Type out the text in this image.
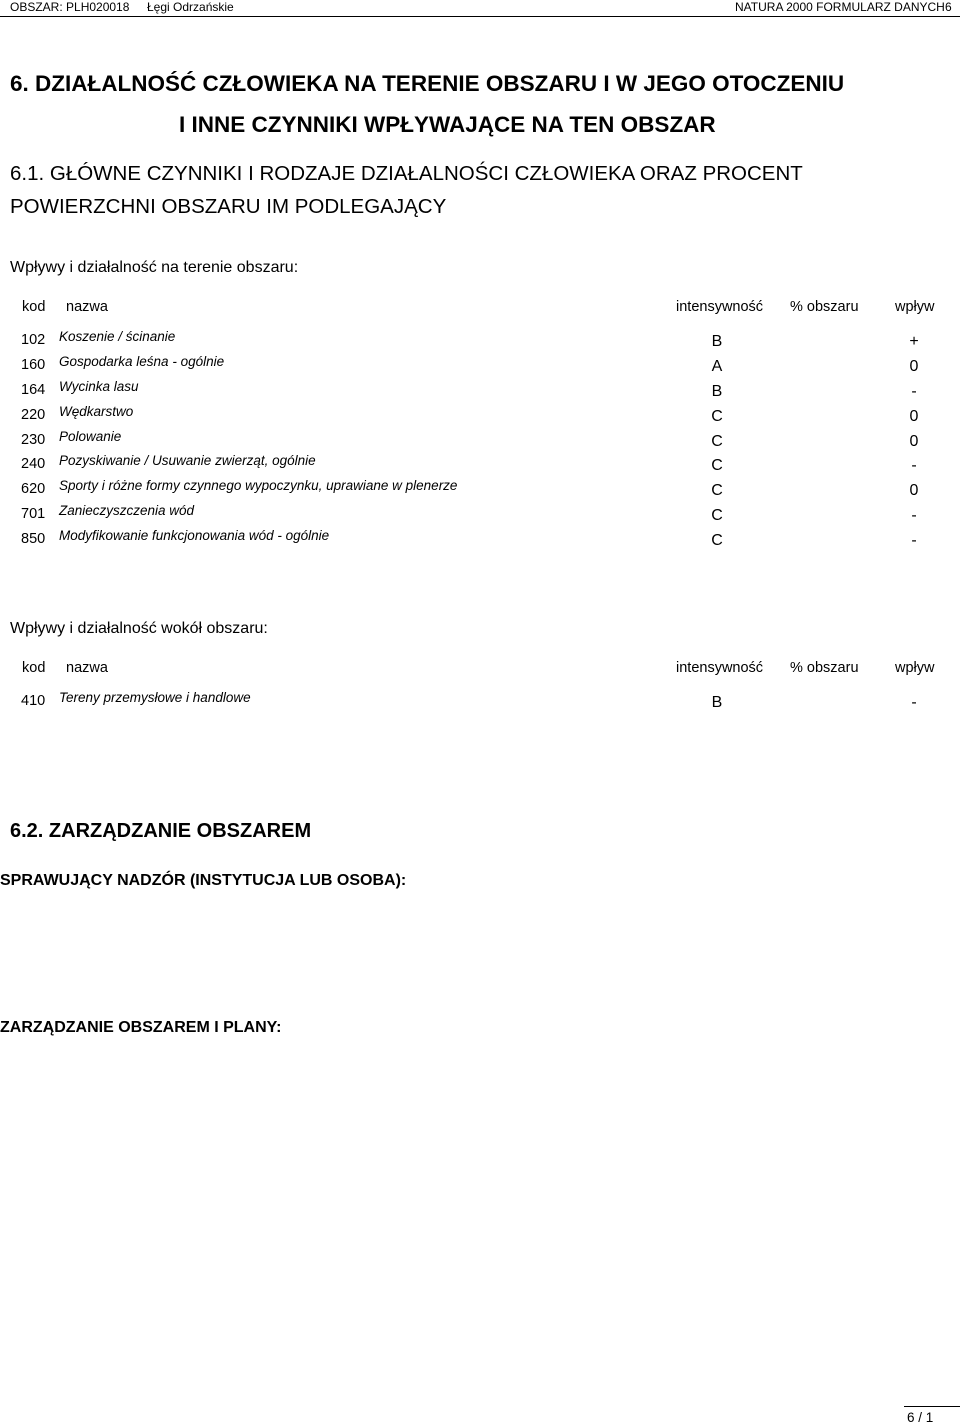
OBSZAR: PLH020018 Łęgi Odrzańskie	NATURA 2000 FORMULARZ DANYCH 6
6. DZIAŁALNOŚĆ CZŁOWIEKA NA TERENIE OBSZARU I W JEGO OTOCZENIU
I INNE CZYNNIKI WPŁYWAJĄCE NA TEN OBSZAR
6.1. GŁÓWNE CZYNNIKI I RODZAJE DZIAŁALNOŚCI CZŁOWIEKA ORAZ PROCENT
POWIERZCHNI OBSZARU IM PODLEGAJĄCY
Wpływy i działalność na terenie obszaru:
kod nazwa	intensywność % obszaru	wpływ
102 Koszenie / ścinanie	B	+
160 Gospodarka leśna - ogólnie	A	0
164 Wycinka lasu	B	-
220 Wędkarstwo	C	0
230 Polowanie	C	0
240 Pozyskiwanie / Usuwanie zwierząt, ogólnie	C	-
620 Sporty i różne formy czynnego wypoczynku, uprawiane w plenerze	C	0
701 Zanieczyszczenia wód	C	-
850 Modyfikowanie funkcjonowania wód - ogólnie	C	-
Wpływy i działalność wokół obszaru:
kod nazwa	intensywność % obszaru	wpływ
410 Tereny przemysłowe i handlowe	B	-
6.2. ZARZĄDZANIE OBSZAREM
SPRAWUJĄCY NADZÓR (INSTYTUCJA LUB OSOBA):
ZARZĄDZANIE OBSZAREM I PLANY:
6 / 1
